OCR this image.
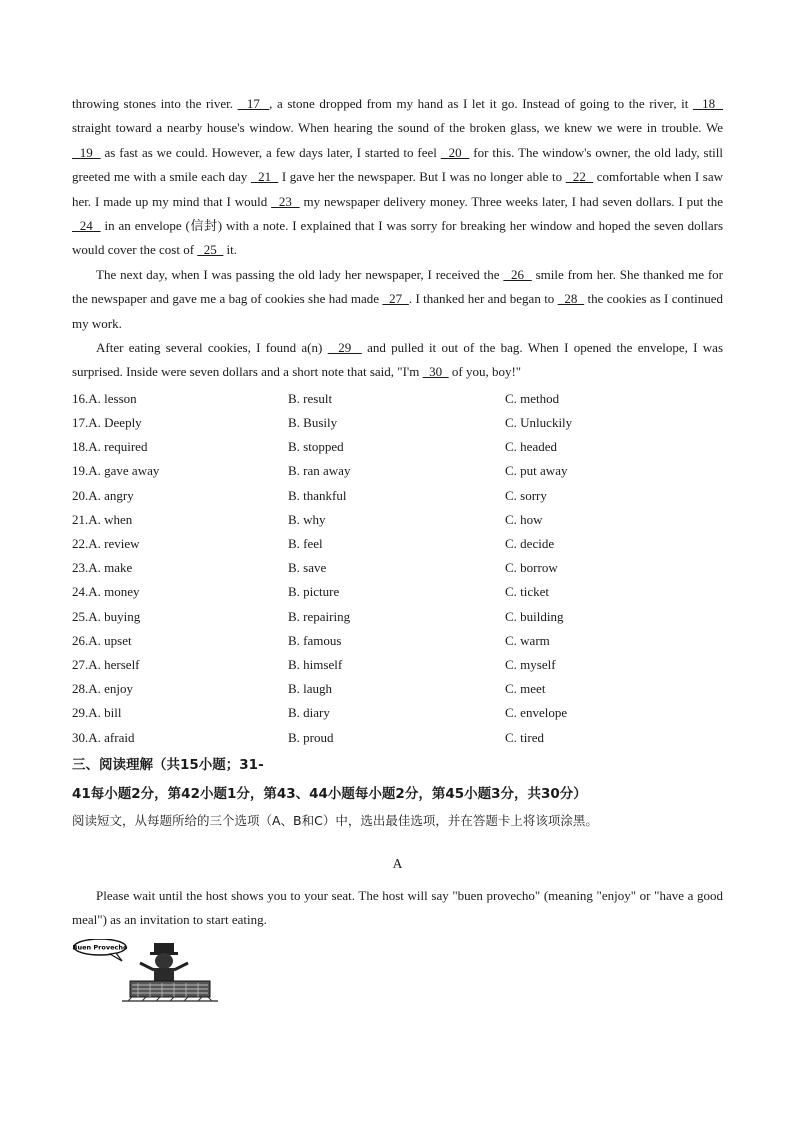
throwing stones into the river.   17  , a stone dropped from my hand as I let it go. Instead of going to the river, it   18   straight toward a nearby house's window. When hearing the sound of the broken glass, we knew we were in trouble. We   19   as fast as we could. However, a few days later, I started to feel   20   for this. The window's owner, the old lady, still greeted me with a smile each day   21   I gave her the newspaper. But I was no longer able to   22   comfortable when I saw her. I made up my mind that I would   23   my newspaper delivery money. Three weeks later, I had seven dollars. I put the   24   in an envelope (信封) with a note. I explained that I was sorry for breaking her window and hoped the seven dollars would cover the cost of   25   it.

The next day, when I was passing the old lady her newspaper, I received the   26   smile from her. She thanked me for the newspaper and gave me a bag of cookies she had made   27  . I thanked her and began to   28   the cookies as I continued my work.

After eating several cookies, I found a(n)   29   and pulled it out of the bag. When I opened the envelope, I was surprised. Inside were seven dollars and a short note that said, "I'm   30   of you, boy!"

16.A. lesson	B. result	C. method
17.A. Deeply	B. Busily	C. Unluckily
18.A. required	B. stopped	C. headed
19.A. gave away	B. ran away	C. put away
20.A. angry	B. thankful	C. sorry
21.A. when	B. why	C. how
22.A. review	B. feel	C. decide
23.A. make	B. save	C. borrow
24.A. money	B. picture	C. ticket
25.A. buying	B. repairing	C. building
26.A. upset	B. famous	C. warm
27.A. herself	B. himself	C. myself
28.A. enjoy	B. laugh	C. meet
29.A. bill	B. diary	C. envelope
30.A. afraid	B. proud	C. tired
三、阅读理解（共15小题；31-
41每小题2分，第42小题1分，第43、44小题每小题2分，第45小题3分，共30分）
阅读短文，从每题所给的三个选项（A、B和C）中，选出最佳选项，并在答题卡上将该项涂黑。
A

Please wait until the host shows you to your seat. The host will say "buen provecho" (meaning "enjoy" or "have a good meal") as an invitation to start eating.

Buen Provecho
